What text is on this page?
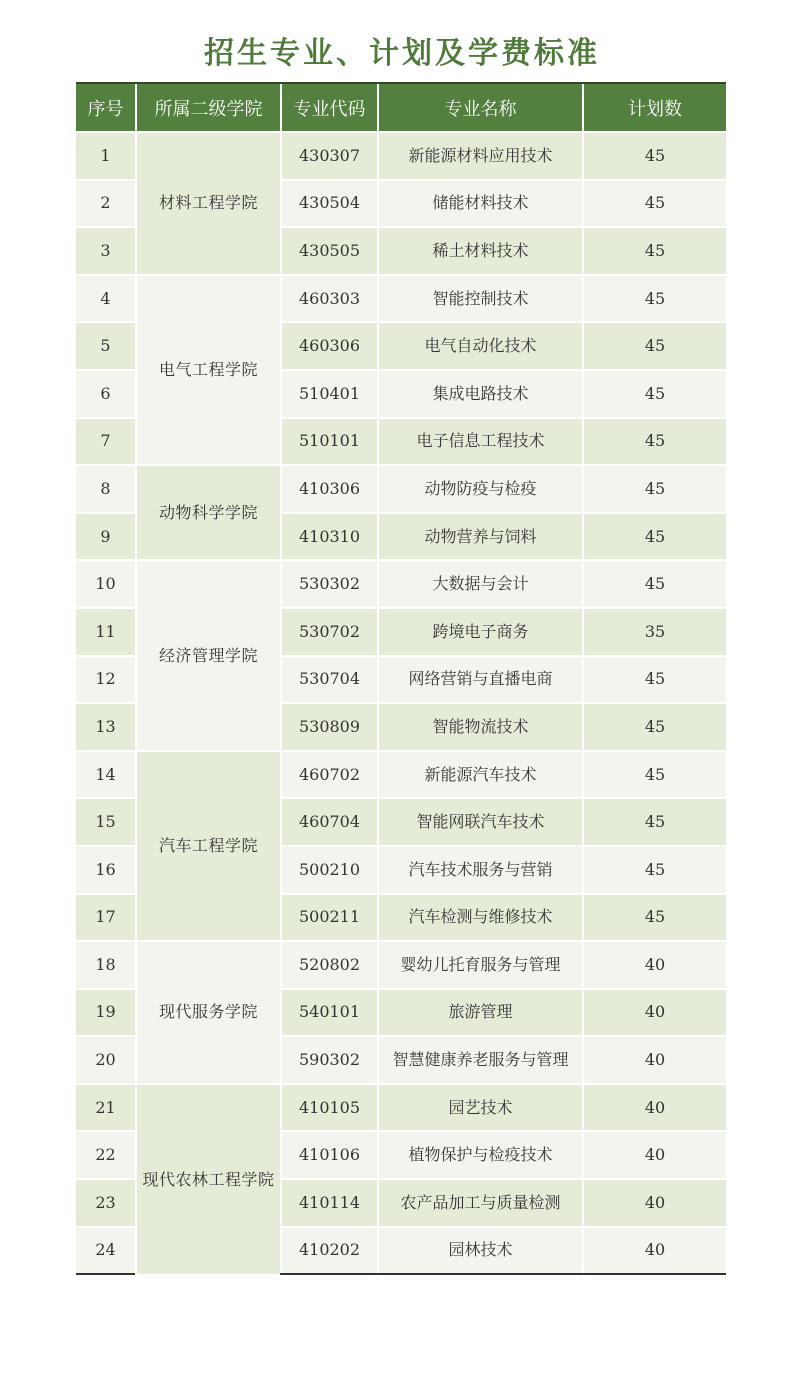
招生专业、计划及学费标准
序号	所属二级学院	专业代码	专业名称	计划数
1	材料工程学院	430307	新能源材料应用技术	45
2		430504	储能材料技术	45
3		430505	稀土材料技术	45
4	电气工程学院	460303	智能控制技术	45
5		460306	电气自动化技术	45
6		510401	集成电路技术	45
7		510101	电子信息工程技术	45
8	动物科学学院	410306	动物防疫与检疫	45
9		410310	动物营养与饲料	45
10	经济管理学院	530302	大数据与会计	45
11		530702	跨境电子商务	35
12		530704	网络营销与直播电商	45
13		530809	智能物流技术	45
14	汽车工程学院	460702	新能源汽车技术	45
15		460704	智能网联汽车技术	45
16		500210	汽车技术服务与营销	45
17		500211	汽车检测与维修技术	45
18	现代服务学院	520802	婴幼儿托育服务与管理	40
19		540101	旅游管理	40
20		590302	智慧健康养老服务与管理	40
21	现代农林工程学院	410105	园艺技术	40
22		410106	植物保护与检疫技术	40
23		410114	农产品加工与质量检测	40
24		410202	园林技术	40
